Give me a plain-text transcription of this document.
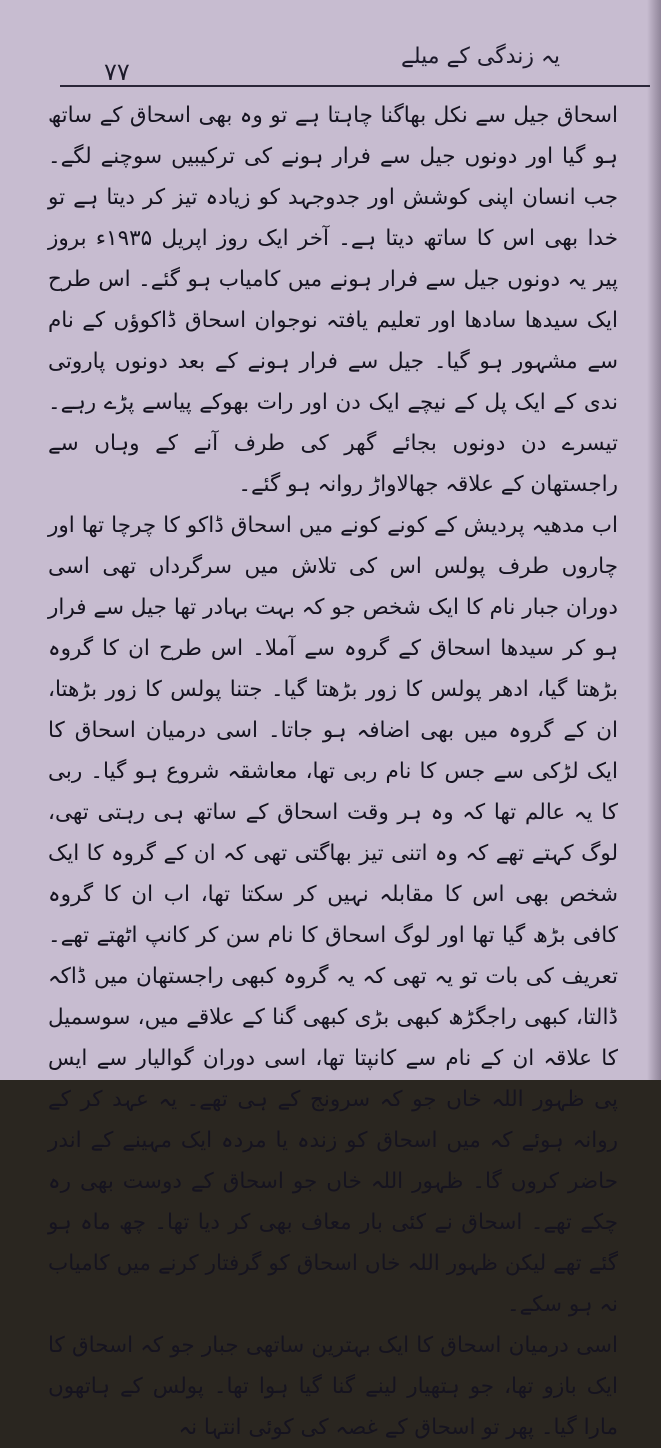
یہ زندگی کے میلے
٧٧

اسحاق جیل سے نکل بھاگنا چاہتا ہے تو وہ بھی اسحاق کے ساتھ ہو گیا اور دونوں جیل سے فرار ہونے کی ترکیبیں سوچنے لگے۔ جب انسان اپنی کوشش اور جدوجہد کو زیادہ تیز کر دیتا ہے تو خدا بھی اس کا ساتھ دیتا ہے۔ آخر ایک روز اپریل ۱۹۳۵ء بروز پیر یہ دونوں جیل سے فرار ہونے میں کامیاب ہو گئے۔ اس طرح ایک سیدھا سادھا اور تعلیم یافتہ نوجوان اسحاق ڈاکوؤں کے نام سے مشہور ہو گیا۔ جیل سے فرار ہونے کے بعد دونوں پاروتی ندی کے ایک پل کے نیچے ایک دن اور رات بھوکے پیاسے پڑے رہے۔ تیسرے دن دونوں بجائے گھر کی طرف آنے کے وہاں سے راجستھان کے علاقہ جھالاواڑ روانہ ہو گئے۔

اب مدھیہ پردیش کے کونے کونے میں اسحاق ڈاکو کا چرچا تھا اور چاروں طرف پولس اس کی تلاش میں سرگرداں تھی اسی دوران جبار نام کا ایک شخص جو کہ بہت بہادر تھا جیل سے فرار ہو کر سیدھا اسحاق کے گروہ سے آملا۔ اس طرح ان کا گروہ بڑھتا گیا، ادھر پولس کا زور بڑھتا گیا۔ جتنا پولس کا زور بڑھتا، ان کے گروہ میں بھی اضافہ ہو جاتا۔ اسی درمیان اسحاق کا ایک لڑکی سے جس کا نام ربی تھا، معاشقہ شروع ہو گیا۔ ربی کا یہ عالم تھا کہ وہ ہر وقت اسحاق کے ساتھ ہی رہتی تھی، لوگ کہتے تھے کہ وہ اتنی تیز بھاگتی تھی کہ ان کے گروہ کا ایک شخص بھی اس کا مقابلہ نہیں کر سکتا تھا، اب ان کا گروہ کافی بڑھ گیا تھا اور لوگ اسحاق کا نام سن کر کانپ اٹھتے تھے۔ تعریف کی بات تو یہ تھی کہ یہ گروہ کبھی راجستھان میں ڈاکہ ڈالتا، کبھی راجگڑھ کبھی بڑی کبھی گنا کے علاقے میں، سوسمیل کا علاقہ ان کے نام سے کانپتا تھا، اسی دوران گوالیار سے ایس پی ظہور اللہ خاں جو کہ سرونج کے ہی تھے۔ یہ عہد کر کے روانہ ہوئے کہ میں اسحاق کو زندہ یا مردہ ایک مہینے کے اندر حاضر کروں گا۔ ظہور اللہ خاں جو اسحاق کے دوست بھی رہ چکے تھے۔ اسحاق نے کئی بار معاف بھی کر دیا تھا۔ چھ ماہ ہو گئے تھے لیکن ظہور اللہ خاں اسحاق کو گرفتار کرنے میں کامیاب نہ ہو سکے۔

اسی درمیان اسحاق کا ایک بہترین ساتھی جبار جو کہ اسحاق کا ایک بازو تھا، جو ہتھیار لینے گنا گیا ہوا تھا۔ پولس کے ہاتھوں مارا گیا۔ پھر تو اسحاق کے غصہ کی کوئی انتہا نہ
